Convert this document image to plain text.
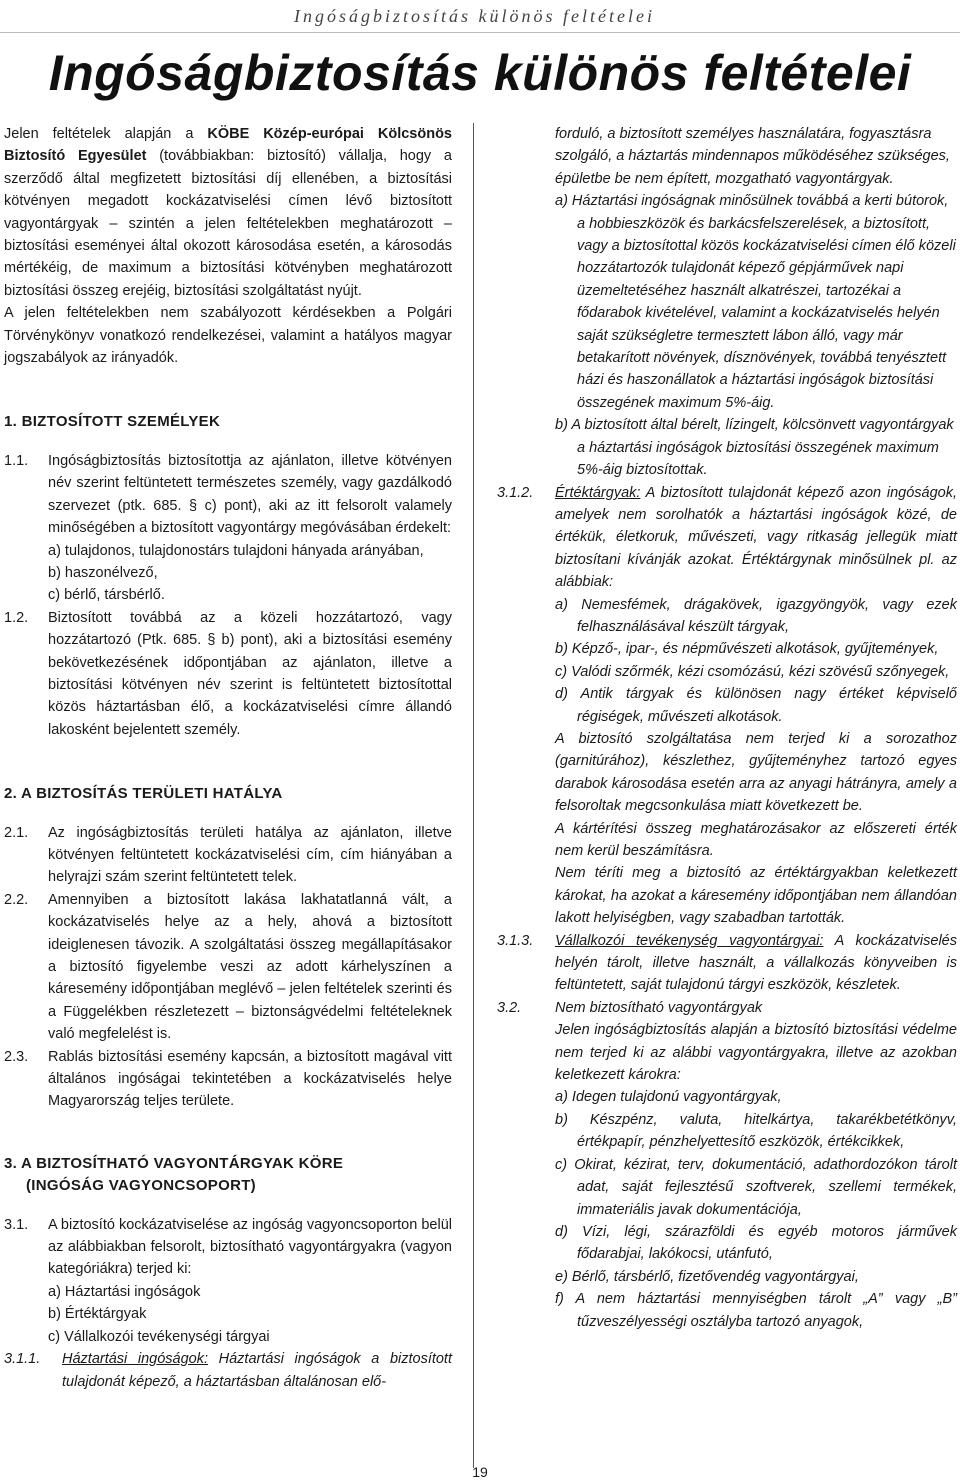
Ingóságbiztosítás különös feltételei
Ingóságbiztosítás különös feltételei

Jelen feltételek alapján a KÖBE Közép-európai Kölcsönös Biztosító Egyesület (továbbiakban: biztosító) vállalja, hogy a szerződő által megfizetett biztosítási díj ellenében, a biztosítási kötvényen megadott kockázatviselési címen lévő biztosított vagyontárgyak – szintén a jelen feltételekben meghatározott – biztosítási eseményei által okozott károsodása esetén, a károsodás mértékéig, de maximum a biztosítási kötvényben meghatározott biztosítási összeg erejéig, biztosítási szolgáltatást nyújt.

A jelen feltételekben nem szabályozott kérdésekben a Polgári Törvénykönyv vonatkozó rendelkezései, valamint a hatályos magyar jogszabályok az irányadók.

1. BIZTOSÍTOTT SZEMÉLYEK

1.1.	Ingóságbiztosítás biztosítottja az ajánlaton, illetve kötvényen név szerint feltüntetett természetes személy, vagy gazdálkodó szervezet (ptk. 685. § c) pont), aki az itt felsorolt valamely minőségében a biztosított vagyontárgy megóvásában érdekelt:
a) tulajdonos, tulajdonostárs tulajdoni hányada arányában,
b) haszonélvező,
c) bérlő, társbérlő.
1.2.	Biztosított továbbá az a közeli hozzátartozó, vagy hozzátartozó (Ptk. 685. § b) pont), aki a biztosítási esemény bekövetkezésének időpontjában az ajánlaton, illetve a biztosítási kötvényen név szerint is feltüntetett biztosítottal közös háztartásban élő, a kockázatviselési címre állandó lakosként bejelentett személy.

2. A BIZTOSÍTÁS TERÜLETI HATÁLYA

2.1.	Az ingóságbiztosítás területi hatálya az ajánlaton, illetve kötvényen feltüntetett kockázatviselési cím, cím hiányában a helyrajzi szám szerint feltüntetett telek.
2.2.	Amennyiben a biztosított lakása lakhatatlanná vált, a kockázatviselés helye az a hely, ahová a biztosított ideiglenesen távozik. A szolgáltatási összeg megállapításakor a biztosító figyelembe veszi az adott kárhelyszínen a káresemény időpontjában meglévő – jelen feltételek szerinti és a Függelékben részletezett – biztonságvédelmi feltételeknek való megfelelést is.
2.3.	Rablás biztosítási esemény kapcsán, a biztosított magával vitt általános ingóságai tekintetében a kockázatviselés helye Magyarország teljes területe.

3. A BIZTOSÍTHATÓ VAGYONTÁRGYAK KÖRE

(INGÓSÁG VAGYONCSOPORT)

3.1.	A biztosító kockázatviselése az ingóság vagyoncsoporton belül az alábbiakban felsorolt, biztosítható vagyontárgyakra (vagyon kategóriákra) terjed ki:
a) Háztartási ingóságok
b) Értéktárgyak
c) Vállalkozói tevékenységi tárgyai
3.1.1.	Háztartási ingóságok: Háztartási ingóságok a biztosított tulajdonát képező, a háztartásban általánosan elő-
forduló, a biztosított személyes használatára, fogyasztásra szolgáló, a háztartás mindennapos működéséhez szükséges, épületbe be nem épített, mozgatható vagyontárgyak.
a) Háztartási ingóságnak minősülnek továbbá a kerti bútorok, a hobbieszközök és barkácsfelszerelések, a biztosított, vagy a biztosítottal közös kockázatviselési címen élő közeli hozzátartozók tulajdonát képező gépjárművek napi üzemeltetéséhez használt alkatrészei, tartozékai a fődarabok kivételével, valamint a kockázatviselés helyén saját szükségletre termesztett lábon álló, vagy már betakarított növények, dísznövények, továbbá tenyésztett házi és haszonállatok a háztartási ingóságok biztosítási összegének maximum 5%-áig.
b) A biztosított által bérelt, lízingelt, kölcsönvett vagyontárgyak a háztartási ingóságok biztosítási összegének maximum 5%-áig biztosítottak.
3.1.2.	Értéktárgyak: A biztosított tulajdonát képező azon ingóságok, amelyek nem sorolhatók a háztartási ingóságok közé, de értékük, életkoruk, művészeti, vagy ritkaság jellegük miatt biztosítani kívánják azokat. Értéktárgynak minősülnek pl. az alábbiak:
a) Nemesfémek, drágakövek, igazgyöngyök, vagy ezek felhasználásával készült tárgyak,
b) Képző-, ipar-, és népművészeti alkotások, gyűjtemények,
c) Valódi szőrmék, kézi csomózású, kézi szövésű szőnyegek,
d) Antik tárgyak és különösen nagy értéket képviselő régiségek, művészeti alkotások.
A biztosító szolgáltatása nem terjed ki a sorozathoz (garnitúrához), készlethez, gyűjteményhez tartozó egyes darabok károsodása esetén arra az anyagi hátrányra, amely a felsoroltak megcsonkulása miatt következett be.
A kártérítési összeg meghatározásakor az előszereti érték nem kerül beszámításra.
Nem téríti meg a biztosító az értéktárgyakban keletkezett károkat, ha azokat a káresemény időpontjában nem állandóan lakott helyiségben, vagy szabadban tartották.
3.1.3.	Vállalkozói tevékenység vagyontárgyai: A kockázatviselés helyén tárolt, illetve használt, a vállalkozás könyveiben is feltüntetett, saját tulajdonú tárgyi eszközök, készletek.
3.2.	Nem biztosítható vagyontárgyak
Jelen ingóságbiztosítás alapján a biztosító biztosítási védelme nem terjed ki az alábbi vagyontárgyakra, illetve az azokban keletkezett károkra:
a) Idegen tulajdonú vagyontárgyak,
b) Készpénz, valuta, hitelkártya, takarékbetétkönyv, értékpapír, pénzhelyettesítő eszközök, értékcikkek,
c) Okirat, kézirat, terv, dokumentáció, adathordozókon tárolt adat, saját fejlesztésű szoftverek, szellemi termékek, immateriális javak dokumentációja,
d) Vízi, légi, szárazföldi és egyéb motoros járművek fődarabjai, lakókocsi, utánfutó,
e) Bérlő, társbérlő, fizetővendég vagyontárgyai,
f) A nem háztartási mennyiségben tárolt „A” vagy „B” tűzveszélyességi osztályba tartozó anyagok,
19
